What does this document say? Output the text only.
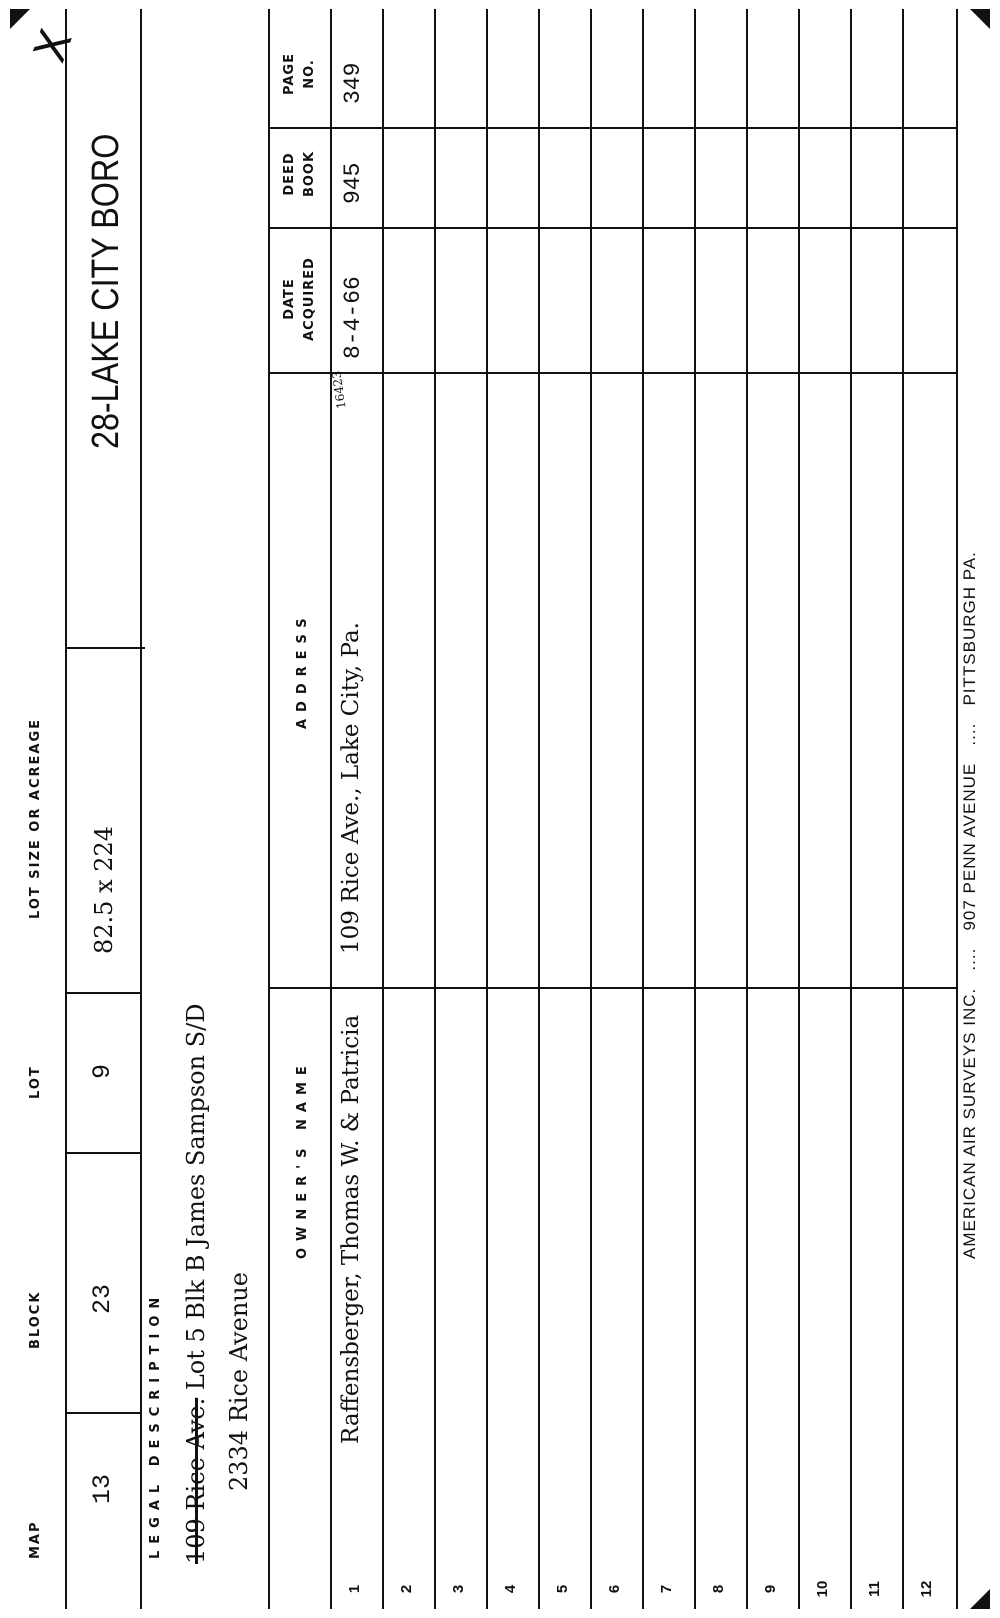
MAP
BLOCK
LOT
LOT SIZE OR ACREAGE
13
23
9
82.5 x 224
28-LAKE CITY BORO
X
LEGAL DESCRIPTION 109 Rice Ave. Lot 5 Blk B James Sampson S/D 2334 Rice Avenue
OWNER'S NAME
ADDRESS
DATE ACQUIRED
DEED BOOK
PAGE NO.
1 2 3 4 5 6 7 8 9 10 11 12
Raffensberger, Thomas W. & Patricia
109 Rice Ave., Lake City, Pa.
16423
8-4-66
945
349
AMERICAN AIR SURVEYS INC.   ....   907 PENN AVENUE   ....   PITTSBURGH PA.
